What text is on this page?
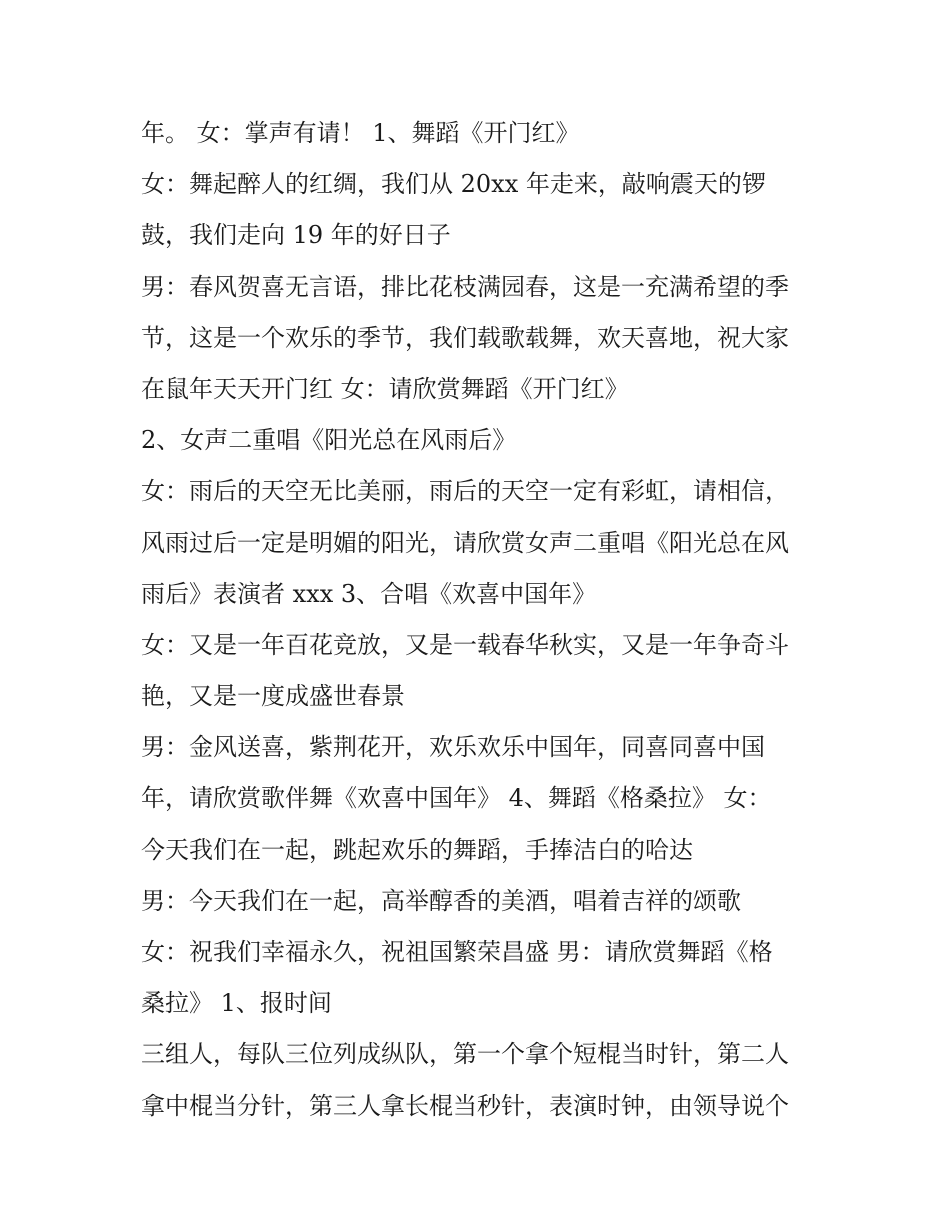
年。 女：掌声有请！ 1、舞蹈《开门红》
女：舞起醉人的红绸，我们从 20xx 年走来，敲响震天的锣
鼓，我们走向 19 年的好日子
男：春风贺喜无言语，排比花枝满园春，这是一充满希望的季
节，这是一个欢乐的季节，我们载歌载舞，欢天喜地，祝大家
在鼠年天天开门红 女：请欣赏舞蹈《开门红》
2、女声二重唱《阳光总在风雨后》
女：雨后的天空无比美丽，雨后的天空一定有彩虹，请相信，
风雨过后一定是明媚的阳光，请欣赏女声二重唱《阳光总在风
雨后》表演者 xxx 3、合唱《欢喜中国年》
女：又是一年百花竞放，又是一载春华秋实，又是一年争奇斗
艳，又是一度成盛世春景
男：金风送喜，紫荆花开，欢乐欢乐中国年，同喜同喜中国
年，请欣赏歌伴舞《欢喜中国年》 4、舞蹈《格桑拉》 女：
今天我们在一起，跳起欢乐的舞蹈，手捧洁白的哈达
男：今天我们在一起，高举醇香的美酒，唱着吉祥的颂歌
女：祝我们幸福永久，祝祖国繁荣昌盛 男：请欣赏舞蹈《格
桑拉》 1、报时间
三组人，每队三位列成纵队，第一个拿个短棍当时针，第二人
拿中棍当分针，第三人拿长棍当秒针，表演时钟，由领导说个
